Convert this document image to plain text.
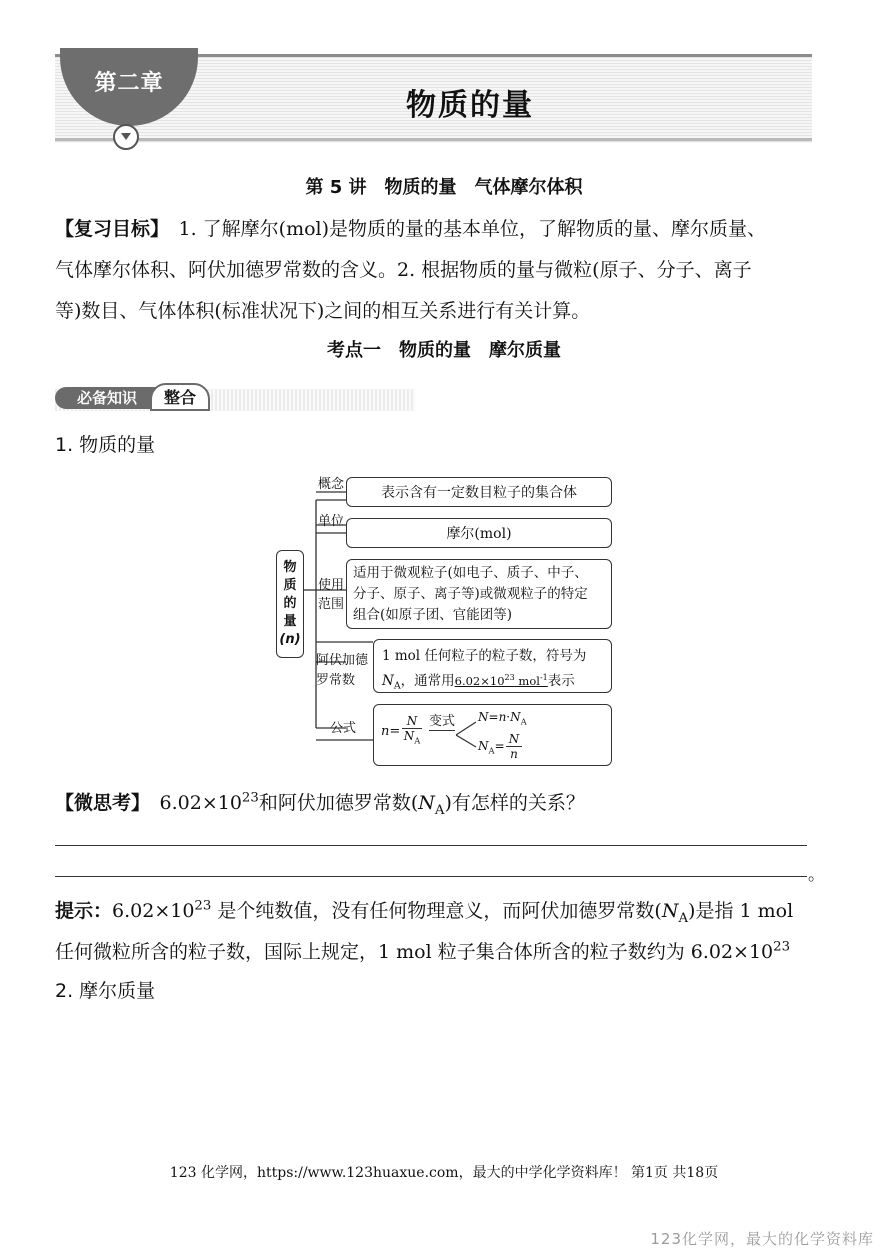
第二章
物质的量
第 5 讲　物质的量　气体摩尔体积
【复习目标】　1. 了解摩尔(mol)是物质的量的基本单位，了解物质的量、摩尔质量、
气体摩尔体积、阿伏加德罗常数的含义。2. 根据物质的量与微粒(原子、分子、离子
等)数目、气体体积(标准状况下)之间的相互关系进行有关计算。
考点一　物质的量　摩尔质量
必备知识	整合
1. 物质的量
物
质
的
量
(n)
概念
表示含有一定数目粒子的集合体
单位
摩尔(mol)
使用
范围
适用于微观粒子(如电子、质子、中子、
分子、原子、离子等)或微观粒子的特定
组合(如原子团、官能团等)
阿伏加德
罗常数
1 mol 任何粒子的粒子数，符号为
$N_A$，通常用$6.02\times 10^{23}$ mol$^{-1}$表示
公式 $n= \frac{N}{N_A}$ 变式 $N=n\cdot N_A$
$N_A= \frac{N}{n}$
【微思考】　$6.02\times 10^{23}$和阿伏加德罗常数$(N_A)$有怎样的关系？
。
提示：$6.02\times 10^{23}$ 是个纯数值，没有任何物理意义，而阿伏加德罗常数$(N_A)$是指 1 mol
任何微粒所含的粒子数，国际上规定，1 mol 粒子集合体所含的粒子数约为 $6.02\times 10^{23}$
2. 摩尔质量
123 化学网，https://www.123huaxue.com，最大的中学化学资料库！ 第1页 共18页
123化学网，最大的化学资料库
